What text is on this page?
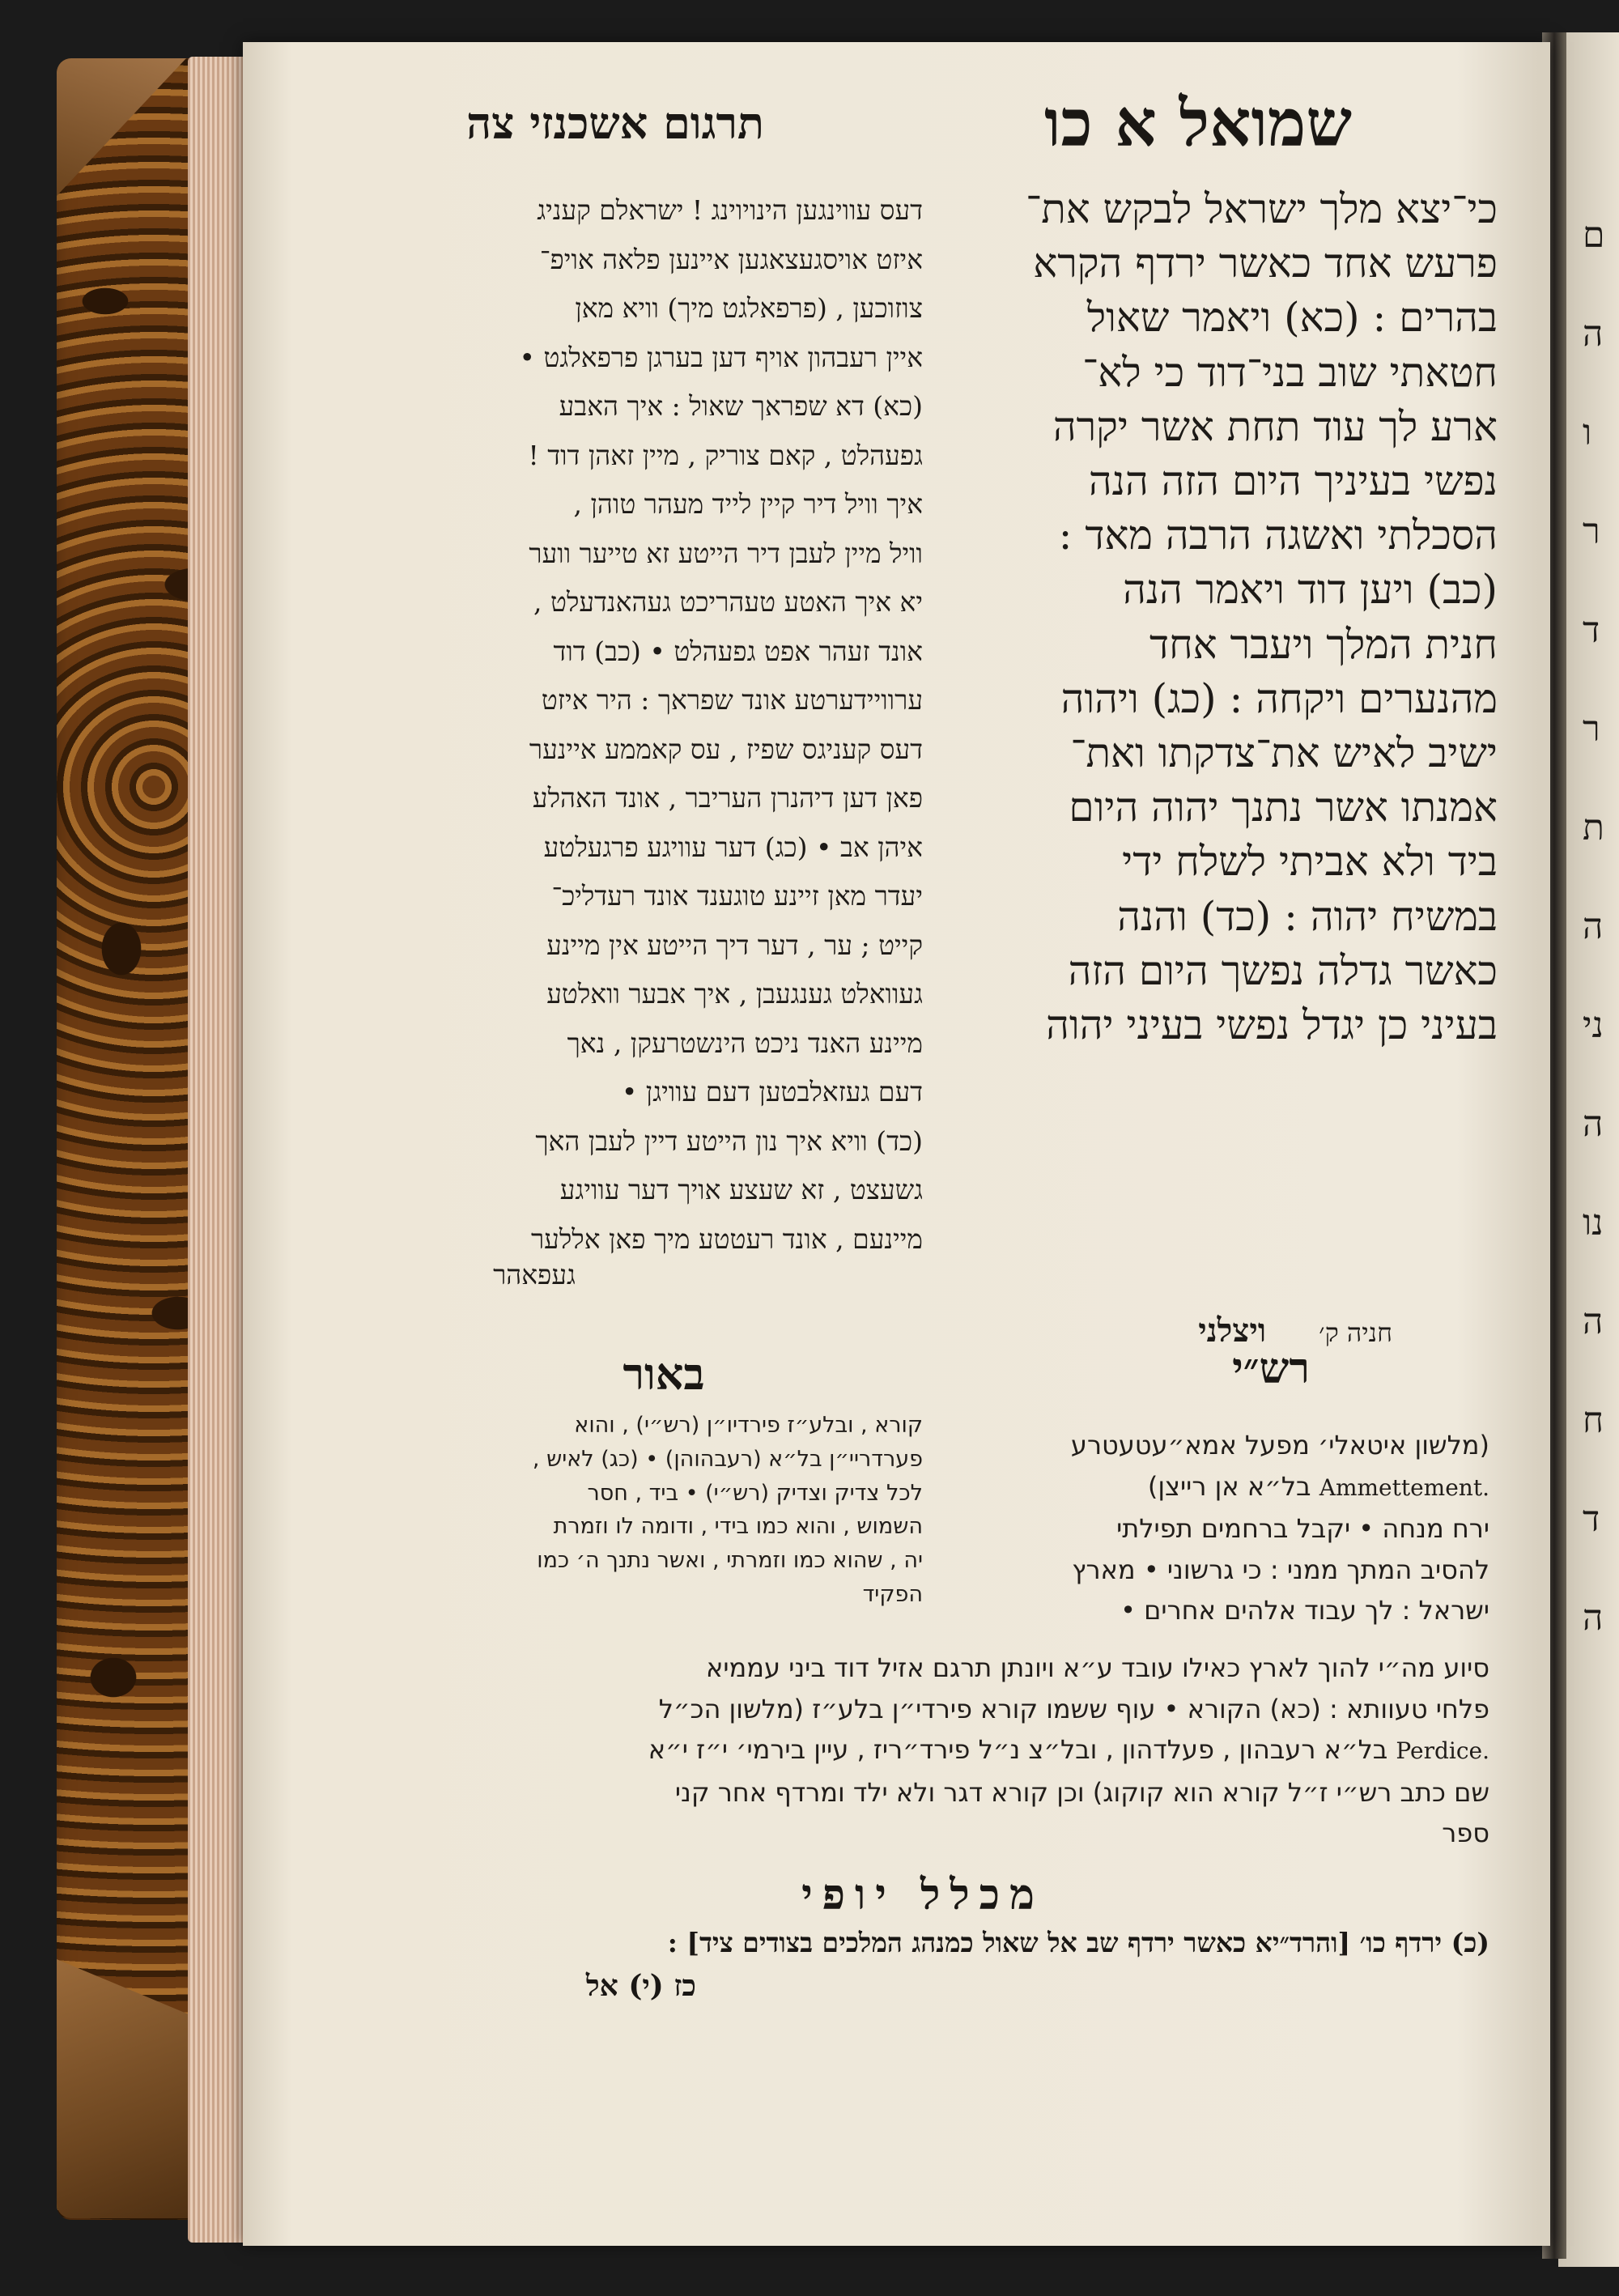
תרגום אשכנזי צה	שמואל א כו
דעס עווינגען הינויוינג ! ישראלם קעניג
איזט אויסגעצאגען איינען פלאה אויפ־
צוזוכען , (פרפאלגט מיך) וויא מאן
איין רעבהון אויף דען בערגן פרפאלגט •
(כא) דא שפראך שאול : איך האבע
גפעהלט , קאם צוריק , מיין זאהן דוד !
איך וויל דיר קיין לייד מעהר טוהן ,
וויל מיין לעבן דיר הייטע זא טייער ווער
יא איך האטע טעהריכט געהאנדעלט ,
אונד זעהר אפט גפעהלט • (כב) דוד
ערוויידערטע אונד שפראך : היר איזט
דעס קעניגס שפיז , עס קאממע איינער
פאן דען דיהנרן העריבר , אונד האהלע
איהן אב • (כג) דער עוויגע פרגעלטע
יעדר מאן זיינע טוגענד אונד רעדליכ־
קייט ; ער , דער דיך הייטע אין מיינע
געוואלט גענגעבן , איך אבער וואלטע
מיינע האנד ניכט הינשטרעקן , נאך
דעם געזאלבטען דעם עוויגן •
(כד) וויא איך נון הייטע דיין לעבן האך
גשעצט , זא שעצע אויך דער עוויגע
מיינעם , אונד רעטטע מיך פאן אללער
געפאהר
כי־יצא מלך ישראל לבקש את־
פרעש אחד כאשר ירדף הקרא
בהרים : (כא) ויאמר שאול
חטאתי שוב בני־דוד כי לא־
ארע לך עוד תחת אשר יקרה
נפשי בעיניך היום הזה הנה
הסכלתי ואשגה הרבה מאד :
(כב) ויען דוד ויאמר הנה
חנית המלך ויעבר אחד
מהנערים ויקחה : (כג) ויהוה
ישיב לאיש את־צדקתו ואת־
אמנתו אשר נתנך יהוה היום
ביד ולא אביתי לשלח ידי
במשיח יהוה : (כד) והנה
כאשר גדלה נפשך היום הזה
בעיני כן יגדל נפשי בעיני יהוה
חניה ק׳ ויצלני
באור	רש״י
קורא , ובלע״ז פירדיו״ן (רש״י) , והוא
פערדריי״ן בל״א (רעבהוהן) • (כג) לאיש ,
לכל צדיק וצדיק (רש״י) • ביד , חסר
השמוש , והוא כמו בידי , ודומה לו וזמרת
יה , שהוא כמו וזמרתי , ואשר נתנך ה׳ כמו
הפקיד
(מלשון איטאלי׳ מפעל אמא״עטעטרע
Ammettement. בל״א אן רייצן)
ירח מנחה • יקבל ברחמים תפילתי
להסיב המתך ממני : כי גרשוני • מארץ
ישראל : לך עבוד אלהים אחרים •
סיוע מה״י להוך לארץ כאילו עובד ע״א ויונתן תרגם אזיל דוד ביני עממיא
פלחי טעוותא : (כא) הקורא • עוף ששמו קורא פירדי״ן בלע״ז (מלשון הכ״ל
Perdice. בל״א רעבהון , פעלדהון , ובל״צ נ״ל פירד״ריז , עיין בירמי׳ י״ז י״א
שם כתב רש״י ז״ל קורא הוא קוקוג) וכן קורא דגר ולא ילד ומרדף אחר קני
ספר
מכלל יופי
(כ) ירדף כו׳ [והרד״יא כאשר ירדף שב אל שאול כמנהג המלכים בצודים ציד] :
כז (י) אל
ם
ה
ו
ר
ד
ר
ת
ה
ני
ה
נו
ה
ח
ד
ה
